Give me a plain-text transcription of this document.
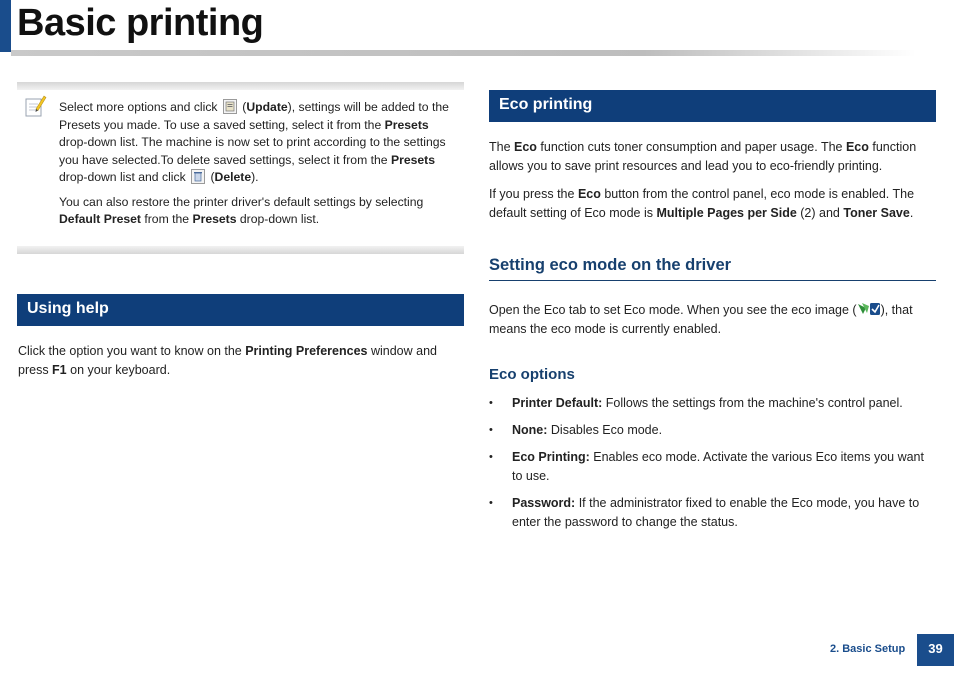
Basic printing

Select more options and click
(Update), settings will be added to the Presets you made. To use a saved setting, select it from the Presets drop-down list. The machine is now set to print according to the settings you have selected.To delete saved settings, select it from the Presets drop-down list and click
(Delete).

You can also restore the printer driver's default settings by selecting Default Preset from the Presets drop-down list.

Using help
Click the option you want to know on the Printing Preferences window and press F1 on your keyboard.
Eco printing
The Eco function cuts toner consumption and paper usage. The Eco function allows you to save print resources and lead you to eco-friendly printing.
If you press the Eco button from the control panel, eco mode is enabled. The default setting of Eco mode is Multiple Pages per Side (2) and Toner Save.
Setting eco mode on the driver
Open the Eco tab to set Eco mode. When you see the eco image ( ), that means the eco mode is currently enabled.
Eco options
• Printer Default: Follows the settings from the machine's control panel.
• None: Disables Eco mode.
• Eco Printing: Enables eco mode. Activate the various Eco items you want to use.
• Password: If the administrator fixed to enable the Eco mode, you have to enter the password to change the status.
2. Basic Setup	39
